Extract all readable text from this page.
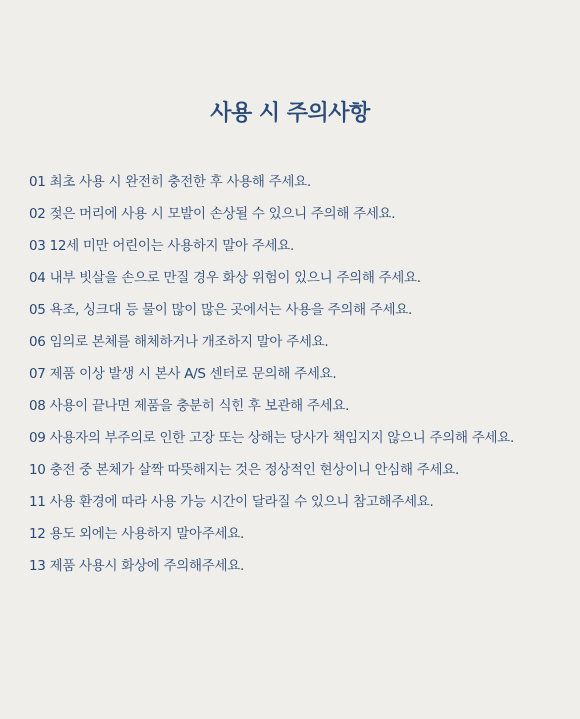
사용 시 주의사항
01 최초 사용 시 완전히 충전한 후 사용해 주세요.
02 젖은 머리에 사용 시 모발이 손상될 수 있으니 주의해 주세요.
03 12세 미만 어린이는 사용하지 말아 주세요.
04 내부 빗살을 손으로 만질 경우 화상 위험이 있으니 주의해 주세요.
05 욕조, 싱크대 등 물이 많이 많은 곳에서는 사용을 주의해 주세요.
06 임의로 본체를 해체하거나 개조하지 말아 주세요.
07 제품 이상 발생 시 본사 A/S 센터로 문의해 주세요.
08 사용이 끝나면 제품을 충분히 식힌 후 보관해 주세요.
09 사용자의 부주의로 인한 고장 또는 상해는 당사가 책임지지 않으니 주의해 주세요.
10 충전 중 본체가 살짝 따뜻해지는 것은 정상적인 현상이니 안심해 주세요.
11 사용 환경에 따라 사용 가능 시간이 달라질 수 있으니 참고해주세요.
12 용도 외에는 사용하지 말아주세요.
13 제품 사용시 화상에 주의해주세요.
